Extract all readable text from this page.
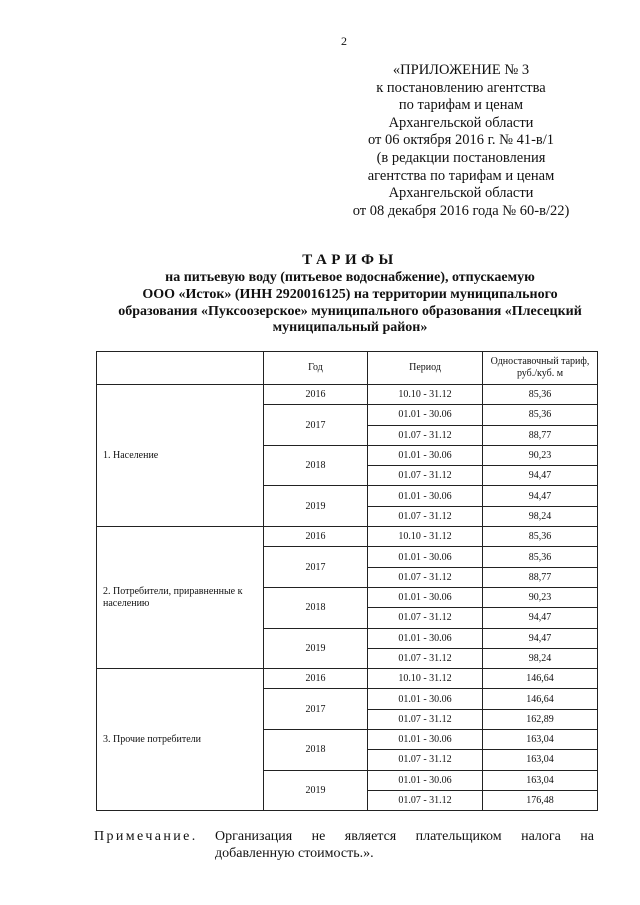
2
«ПРИЛОЖЕНИЕ № 3
к постановлению агентства
по тарифам и ценам
Архангельской области
от 06 октября 2016 г. № 41-в/1
(в редакции постановления
агентства по тарифам и ценам
Архангельской области
от 08 декабря 2016 года № 60-в/22)
ТАРИФЫ
на питьевую воду (питьевое водоснабжение), отпускаемую
ООО «Исток» (ИНН 2920016125) на территории муниципального
образования «Пуксоозерское» муниципального образования «Плесецкий
муниципальный район»
	Год	Период	Одноставочный тариф, руб./куб. м
1. Население	2016	10.10 - 31.12	85,36
	2017	01.01 - 30.06	85,36
		01.07 - 31.12	88,77
	2018	01.01 - 30.06	90,23
		01.07 - 31.12	94,47
	2019	01.01 - 30.06	94,47
		01.07 - 31.12	98,24
2. Потребители, приравненные к населению	2016	10.10 - 31.12	85,36
	2017	01.01 - 30.06	85,36
		01.07 - 31.12	88,77
	2018	01.01 - 30.06	90,23
		01.07 - 31.12	94,47
	2019	01.01 - 30.06	94,47
		01.07 - 31.12	98,24
3. Прочие потребители	2016	10.10 - 31.12	146,64
	2017	01.01 - 30.06	146,64
		01.07 - 31.12	162,89
	2018	01.01 - 30.06	163,04
		01.07 - 31.12	163,04
	2019	01.01 - 30.06	163,04
		01.07 - 31.12	176,48
Примечание. Организация не является плательщиком налога на добавленную стоимость.».
